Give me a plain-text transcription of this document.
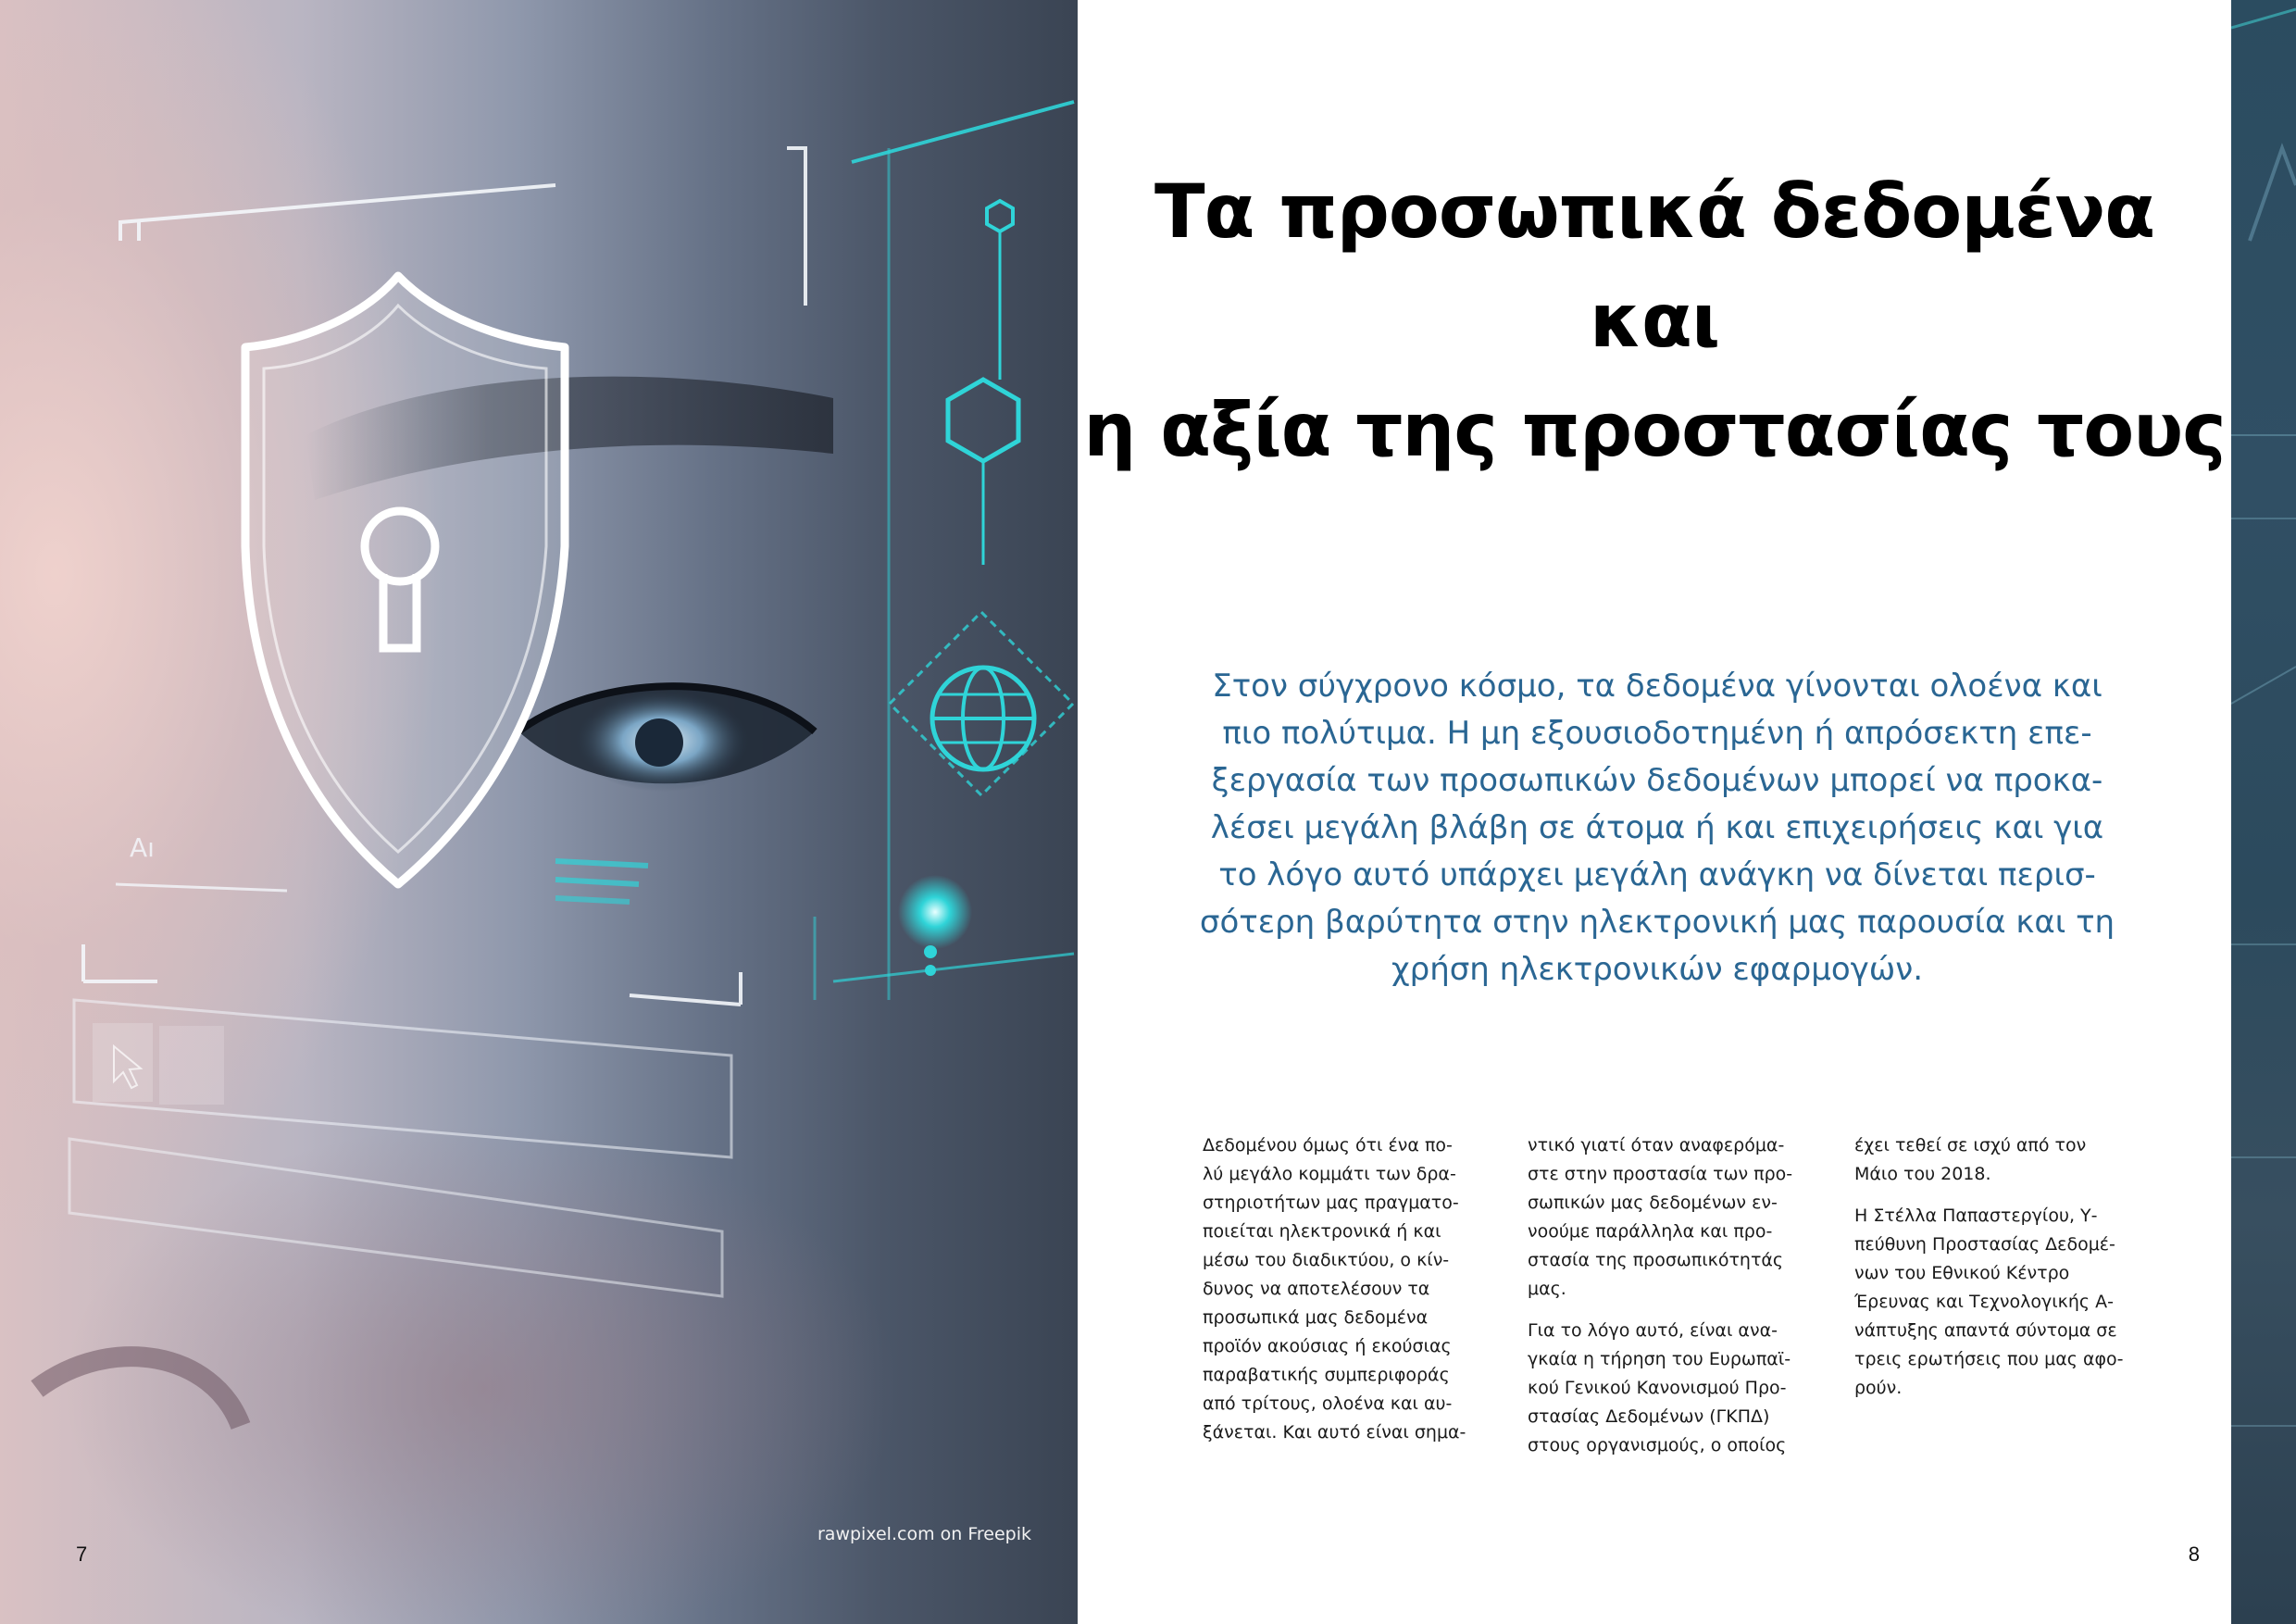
Aı
7
rawpixel.com on Freepik
Τα προσωπικά δεδομένα και
η αξία της προστασίας τους
Στον σύγχρονο κόσμο, τα δεδομένα γίνονται ολοένα και
πιο πολύτιμα. Η μη εξουσιοδοτημένη ή απρόσεκτη επε-
ξεργασία των προσωπικών δεδομένων μπορεί να προκα-
λέσει μεγάλη βλάβη σε άτομα ή και επιχειρήσεις και για
το λόγο αυτό υπάρχει μεγάλη ανάγκη να δίνεται περισ-
σότερη βαρύτητα στην ηλεκτρονική μας παρουσία και τη
χρήση ηλεκτρονικών εφαρμογών.

Δεδομένου όμως ότι ένα πο-
λύ μεγάλο κομμάτι των δρα-
στηριοτήτων μας πραγματο-
ποιείται ηλεκτρονικά ή και
μέσω του διαδικτύου, ο κίν-
δυνος να αποτελέσουν τα
προσωπικά μας δεδομένα
προϊόν ακούσιας ή εκούσιας
παραβατικής συμπεριφοράς
από τρίτους, ολοένα και αυ-
ξάνεται. Και αυτό είναι σημα-

ντικό γιατί όταν αναφερόμα-
στε στην προστασία των προ-
σωπικών μας δεδομένων εν-
νοούμε παράλληλα και προ-
στασία της προσωπικότητάς
μας.

Για το λόγο αυτό, είναι ανα-
γκαία η τήρηση του Ευρωπαϊ-
κού Γενικού Κανονισμού Προ-
στασίας Δεδομένων (ΓΚΠΔ)
στους οργανισμούς, ο οποίος

έχει τεθεί σε ισχύ από τον
Μάιο του 2018.

Η Στέλλα Παπαστεργίου, Υ-
πεύθυνη Προστασίας Δεδομέ-
νων του Εθνικού Κέντρο
Έρευνας και Τεχνολογικής Α-
νάπτυξης απαντά σύντομα σε
τρεις ερωτήσεις που μας αφο-
ρούν.

8
